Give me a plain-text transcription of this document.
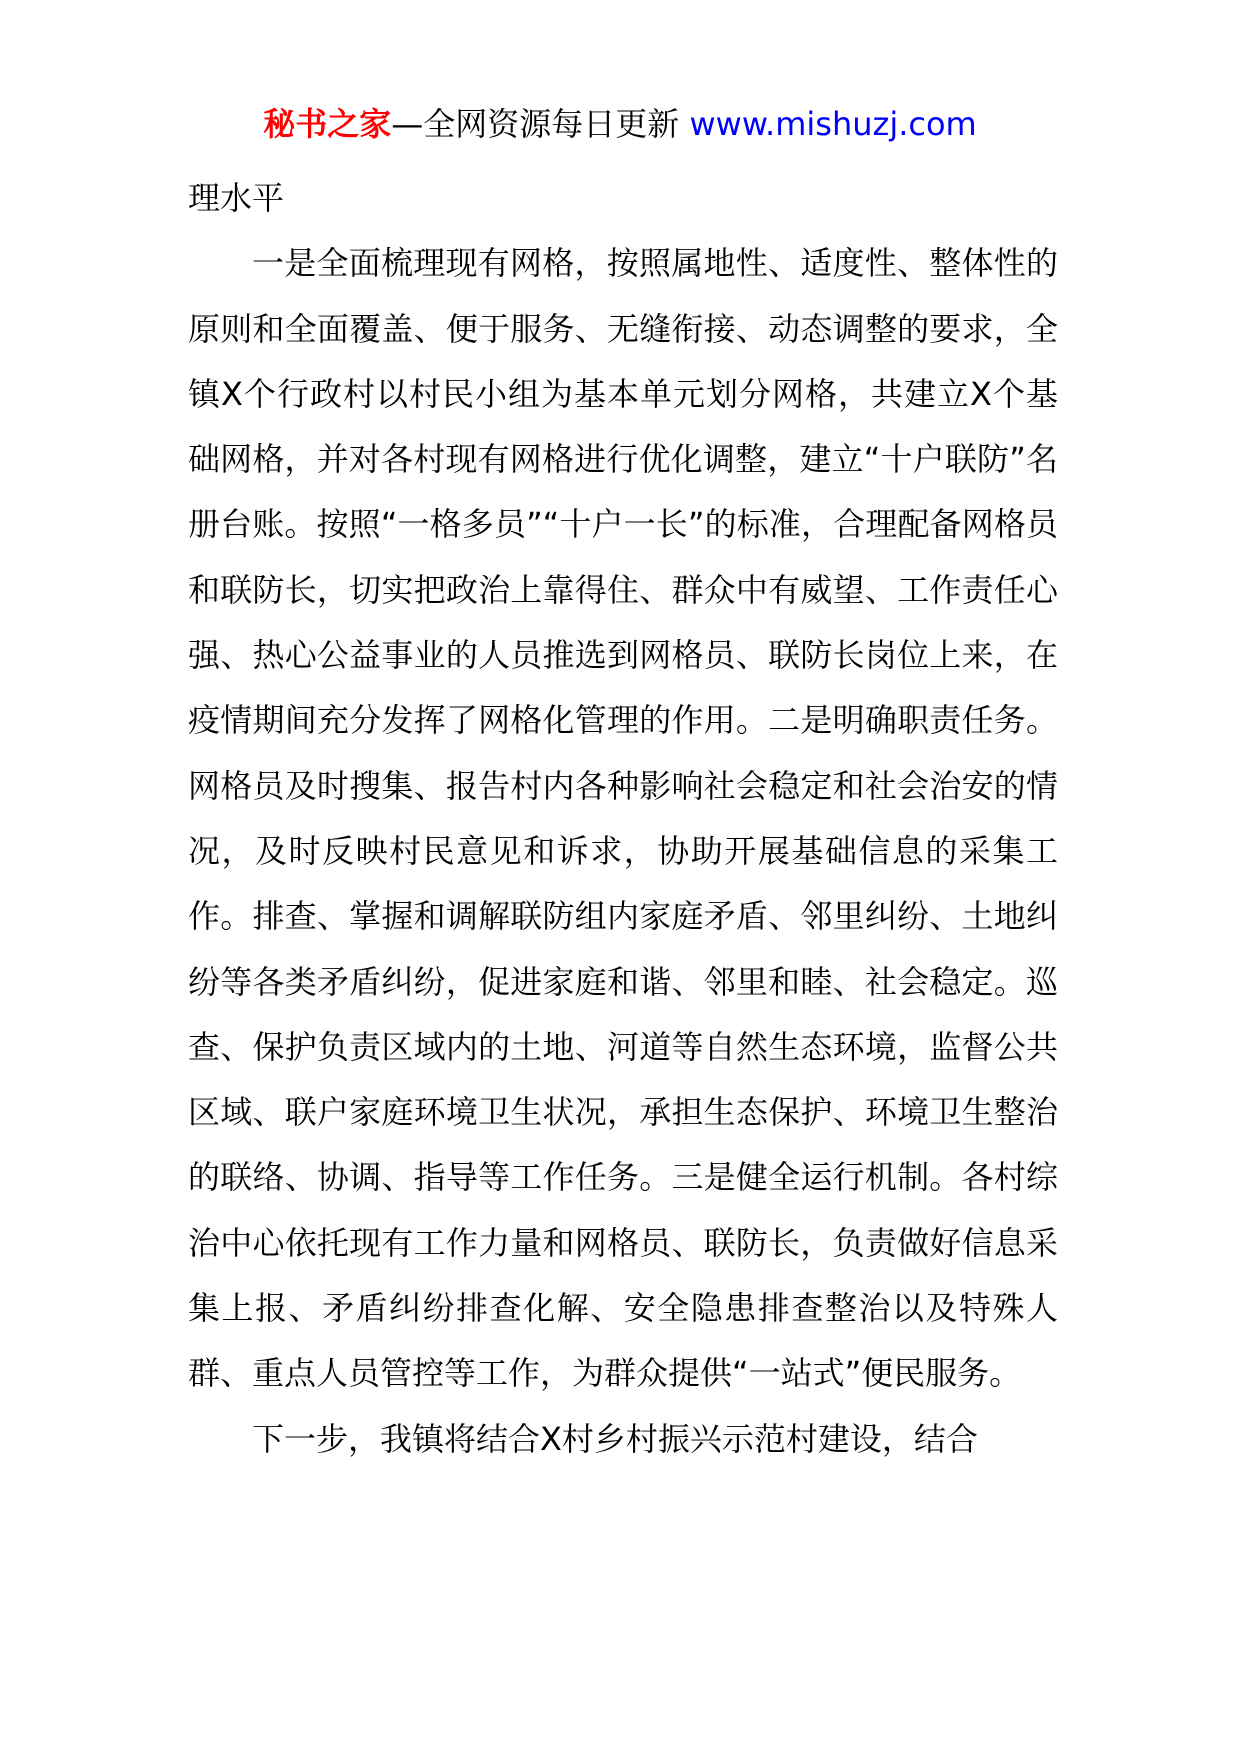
秘书之家—全网资源每日更新 www.mishuzj.com

理水平

一是全面梳理现有网格，按照属地性、适度性、整体性的原则和全面覆盖、便于服务、无缝衔接、动态调整的要求，全镇X个行政村以村民小组为基本单元划分网格，共建立X个基础网格，并对各村现有网格进行优化调整，建立“十户联防”名册台账。按照“一格多员”“十户一长”的标准，合理配备网格员和联防长，切实把政治上靠得住、群众中有威望、工作责任心强、热心公益事业的人员推选到网格员、联防长岗位上来，在疫情期间充分发挥了网格化管理的作用。二是明确职责任务。网格员及时搜集、报告村内各种影响社会稳定和社会治安的情况，及时反映村民意见和诉求，协助开展基础信息的采集工作。排查、掌握和调解联防组内家庭矛盾、邻里纠纷、土地纠纷等各类矛盾纠纷，促进家庭和谐、邻里和睦、社会稳定。巡查、保护负责区域内的土地、河道等自然生态环境，监督公共区域、联户家庭环境卫生状况，承担生态保护、环境卫生整治的联络、协调、指导等工作任务。三是健全运行机制。各村综治中心依托现有工作力量和网格员、联防长，负责做好信息采集上报、矛盾纠纷排查化解、安全隐患排查整治以及特殊人群、重点人员管控等工作，为群众提供“一站式”便民服务。

下一步，我镇将结合X村乡村振兴示范村建设，结合
